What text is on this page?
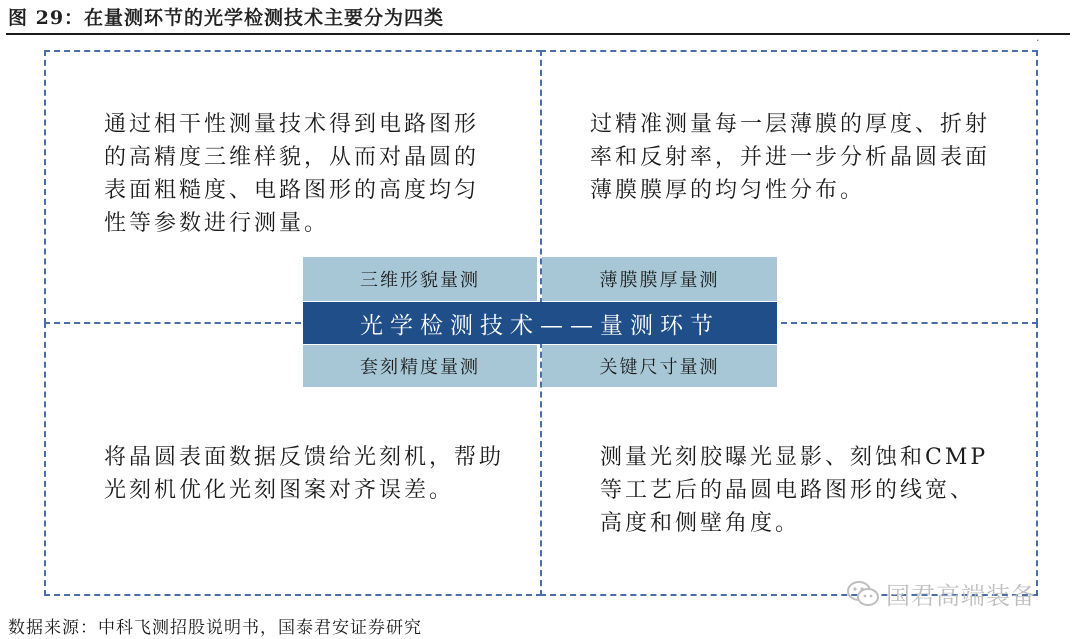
图 29：在量测环节的光学检测技术主要分为四类
.
通过相干性测量技术得到电路图形的高精度三维样貌，从而对晶圆的表面粗糙度、电路图形的高度均匀性等参数进行测量。
过精准测量每一层薄膜的厚度、折射率和反射率，并进一步分析晶圆表面薄膜膜厚的均匀性分布。
将晶圆表面数据反馈给光刻机，帮助光刻机优化光刻图案对齐误差。
测量光刻胶曝光显影、刻蚀和CMP等工艺后的晶圆电路图形的线宽、高度和侧壁角度。
三维形貌量测	薄膜膜厚量测
光学检测技术——量测环节
套刻精度量测	关键尺寸量测
数据来源：中科飞测招股说明书，国泰君安证券研究
国君高端装备
